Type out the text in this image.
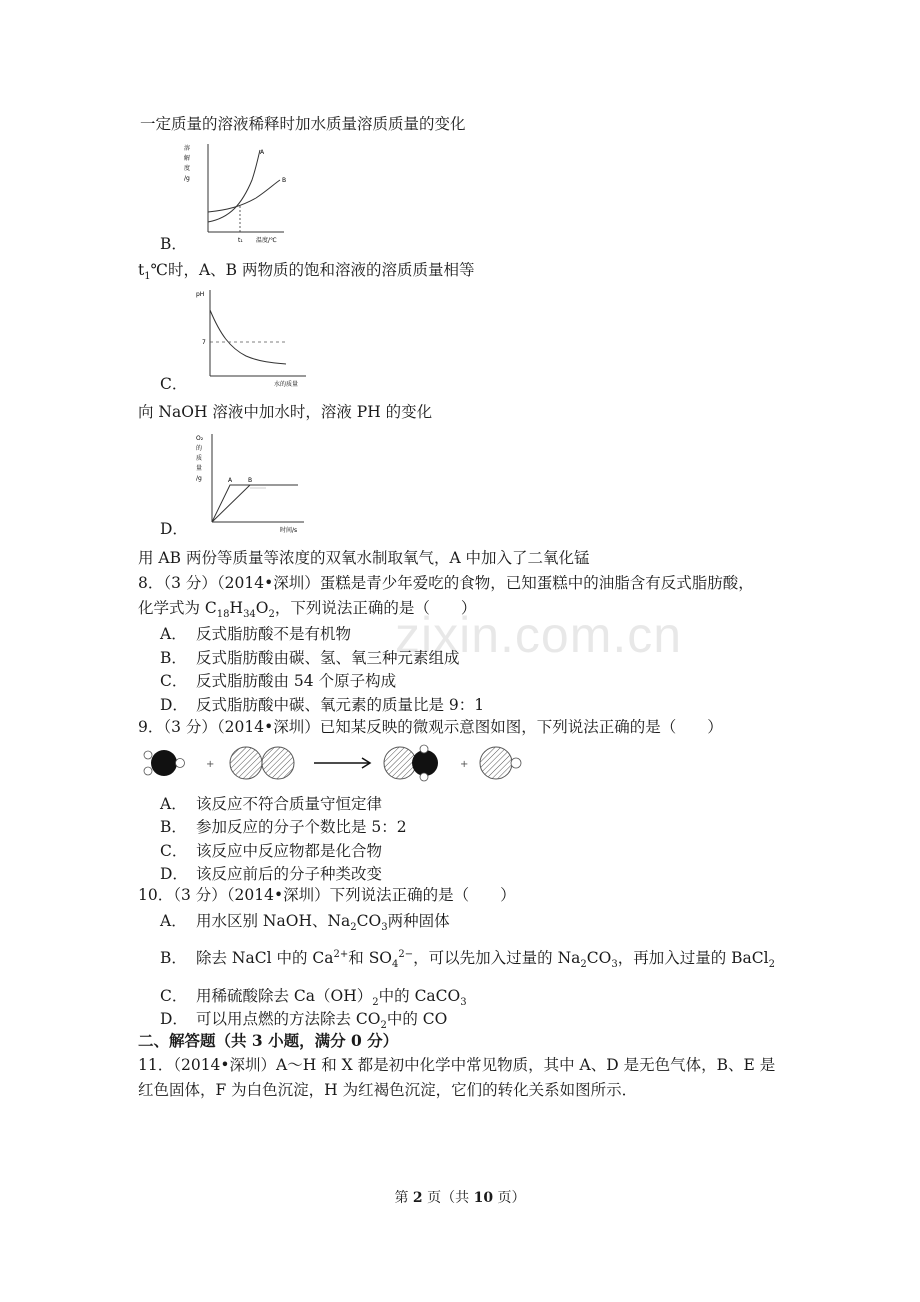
zixin.com.cn
一定质量的溶液稀释时加水质量溶质质量的变化
B．
溶
解
度
/g
A
B
t₁ 温度/℃
$t_1℃$时，A、B 两物质的饱和溶液的溶质质量相等
C．
pH
7
水的质量
向 NaOH 溶液中加水时，溶液 PH 的变化
D．
O₂
的
质
量
/g	A	B
时间/s
用 AB 两份等质量等浓度的双氧水制取氧气，A 中加入了二氧化锰
8．（3 分）（2014•深圳）蛋糕是青少年爱吃的食物，已知蛋糕中的油脂含有反式脂肪酸，
化学式为 $C_{18}H_{34}O_2$，下列说法正确的是（　　）
A． 反式脂肪酸不是有机物
B． 反式脂肪酸由碳、氢、氧三种元素组成
C． 反式脂肪酸由 54 个原子构成
D． 反式脂肪酸中碳、氧元素的质量比是 9：1
9．（3 分）（2014•深圳）已知某反映的微观示意图如图，下列说法正确的是（　　）
+	+
A． 该反应不符合质量守恒定律
B． 参加反应的分子个数比是 5：2
C． 该反应中反应物都是化合物
D． 该反应前后的分子种类改变
10．（3 分）（2014•深圳）下列说法正确的是（　　）
A． 用水区别 NaOH、$Na_2CO_3$两种固体
B． 除去 NaCl 中的 $Ca^{2+}$和 $SO_4^{2-}$，可以先加入过量的 $Na_2CO_3$，再加入过量的 BaCl$_2$
C． 用稀硫酸除去 $Ca(OH)_2$中的 CaCO$_3$
D． 可以用点燃的方法除去 $CO_2$中的 CO
二、解答题（共 3 小题，满分 0 分）
11．（2014•深圳）A～H 和 X 都是初中化学中常见物质，其中 A、D 是无色气体，B、E 是
红色固体，F 为白色沉淀，H 为红褐色沉淀，它们的转化关系如图所示．
第 2 页（共 10 页）
